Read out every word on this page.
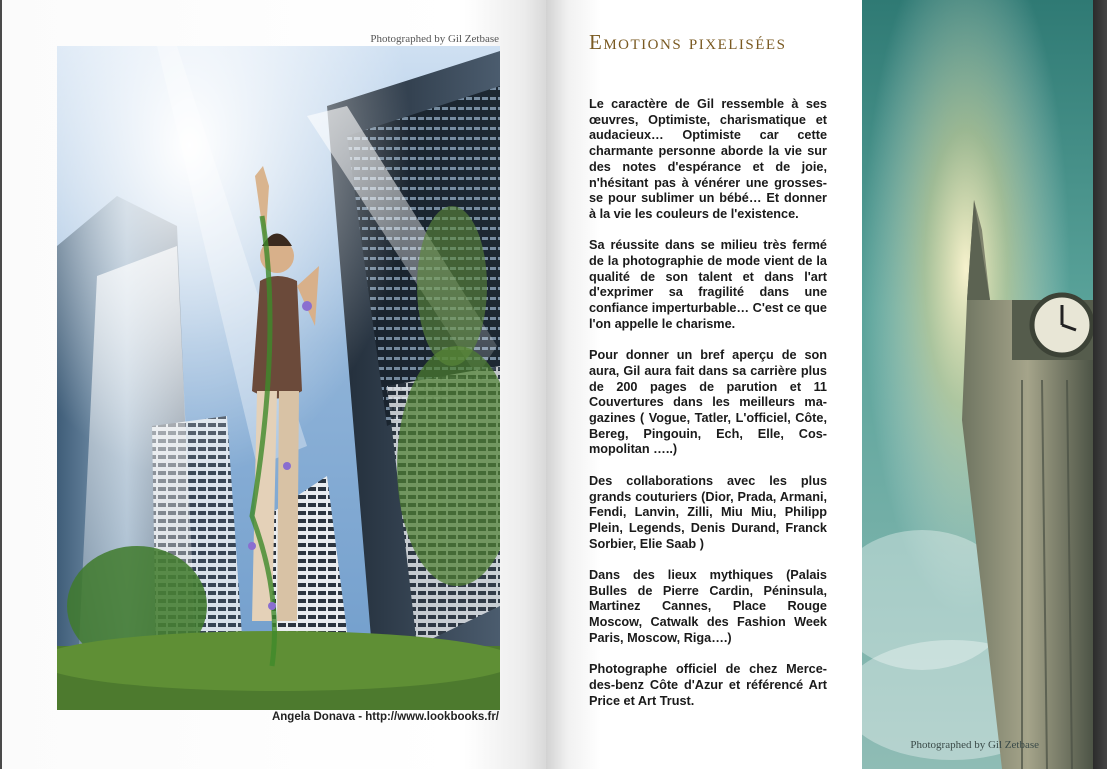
Photographed by Gil Zetbase
Angela Donava - http://www.lookbooks.fr/
Emotions pixelisées

Le caractère de Gil ressemble à ses œuvres, Optimiste, charismatique et audacieux… Optimiste car cette charmante personne aborde la vie sur des notes d'espérance et de joie, n'hésitant pas à vénérer une grosses-se pour sublimer un bébé… Et donner à la vie les couleurs de l'existence.

Sa réussite dans se milieu très fermé de la photographie de mode vient de la qualité de son talent et dans l'art d'exprimer sa fragilité dans une confiance imperturbable… C'est ce que l'on appelle le charisme.

Pour donner un bref aperçu de son aura, Gil aura fait dans sa carrière plus de 200 pages de parution et 11 Couvertures dans les meilleurs ma-gazines ( Vogue, Tatler, L'officiel, Côte, Bereg, Pingouin, Ech, Elle, Cos-mopolitan …..)

Des collaborations avec les plus grands couturiers (Dior, Prada, Armani, Fendi, Lanvin, Zilli, Miu Miu, Philipp Plein, Legends, Denis Durand, Franck Sorbier, Elie Saab )

Dans des lieux mythiques (Palais Bulles de Pierre Cardin, Péninsula, Martinez Cannes, Place Rouge Moscow, Catwalk des Fashion Week Paris, Moscow, Riga….)

Photographe officiel de chez Merce-des-benz Côte d'Azur et référencé Art Price et Art Trust.

Photographed by Gil Zetbase
